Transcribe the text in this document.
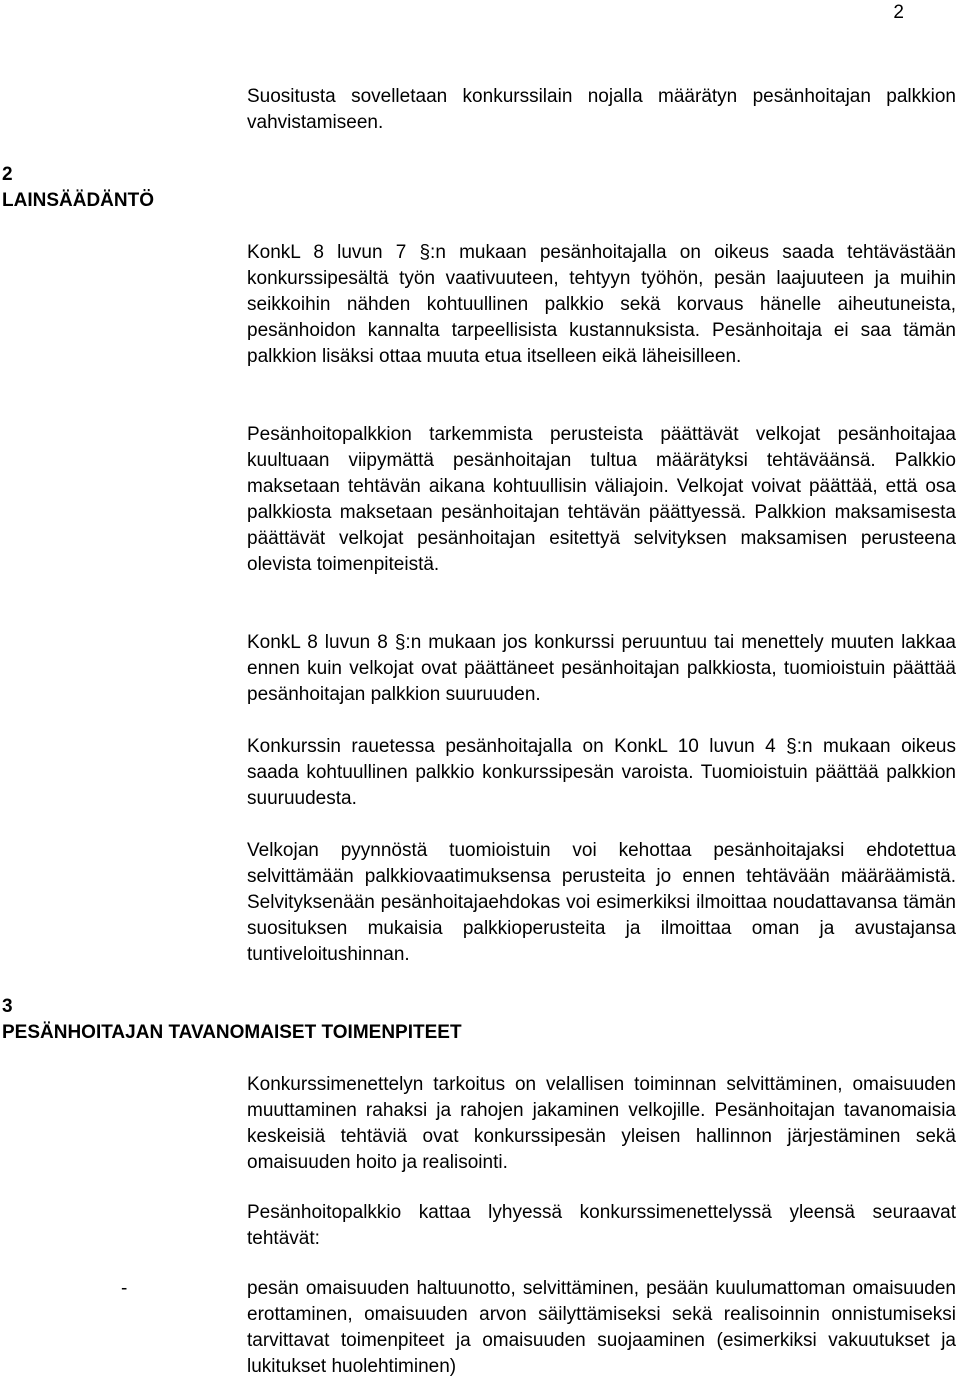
2

Suositusta sovelletaan konkurssilain nojalla määrätyn pesänhoitajan palkkion vahvistamiseen.

2
LAINSÄÄDÄNTÖ

KonkL 8 luvun 7 §:n mukaan pesänhoitajalla on oikeus saada tehtävästään konkurssipesältä työn vaativuuteen, tehtyyn työhön, pesän laajuuteen ja muihin seikkoihin nähden kohtuullinen palkkio sekä korvaus hänelle aiheutuneista, pesänhoidon kannalta tarpeellisista kustannuksista. Pesänhoitaja ei saa tämän palkkion lisäksi ottaa muuta etua itselleen eikä läheisilleen.

Pesänhoitopalkkion tarkemmista perusteista päättävät velkojat pesänhoitajaa kuultuaan viipymättä pesänhoitajan tultua määrätyksi tehtäväänsä. Palkkio maksetaan tehtävän aikana kohtuullisin väliajoin. Velkojat voivat päättää, että osa palkkiosta maksetaan pesänhoitajan tehtävän päättyessä. Palkkion maksamisesta päättävät velkojat pesänhoitajan esitettyä selvityksen maksamisen perusteena olevista toimenpiteistä.

KonkL 8 luvun 8 §:n mukaan jos konkurssi peruuntuu tai menettely muuten lakkaa ennen kuin velkojat ovat päättäneet pesänhoitajan palkkiosta, tuomioistuin päättää pesänhoitajan palkkion suuruuden.

Konkurssin rauetessa pesänhoitajalla on KonkL 10 luvun 4 §:n mukaan oikeus saada kohtuullinen palkkio konkurssipesän varoista. Tuomioistuin päättää palkkion suuruudesta.

Velkojan pyynnöstä tuomioistuin voi kehottaa pesänhoitajaksi ehdotettua selvittämään palkkiovaatimuksensa perusteita jo ennen tehtävään määräämistä. Selvityksenään pesänhoitajaehdokas voi esimerkiksi ilmoittaa noudattavansa tämän suosituksen mukaisia palkkioperusteita ja ilmoittaa oman ja avustajansa tuntiveloitushinnan.

3
PESÄNHOITAJAN TAVANOMAISET TOIMENPITEET

Konkurssimenettelyn tarkoitus on velallisen toiminnan selvittäminen, omaisuuden muuttaminen rahaksi ja rahojen jakaminen velkojille. Pesänhoitajan tavanomaisia keskeisiä tehtäviä ovat konkurssipesän yleisen hallinnon järjestäminen sekä omaisuuden hoito ja realisointi.

Pesänhoitopalkkio kattaa lyhyessä konkurssimenettelyssä yleensä seuraavat tehtävät:

-	pesän omaisuuden haltuunotto, selvittäminen, pesään kuulumattoman omaisuuden erottaminen, omaisuuden arvon säilyttämiseksi sekä realisoinnin onnistumiseksi tarvittavat toimenpiteet ja omaisuuden suojaaminen (esimerkiksi vakuutukset ja lukitukset huolehtiminen)
